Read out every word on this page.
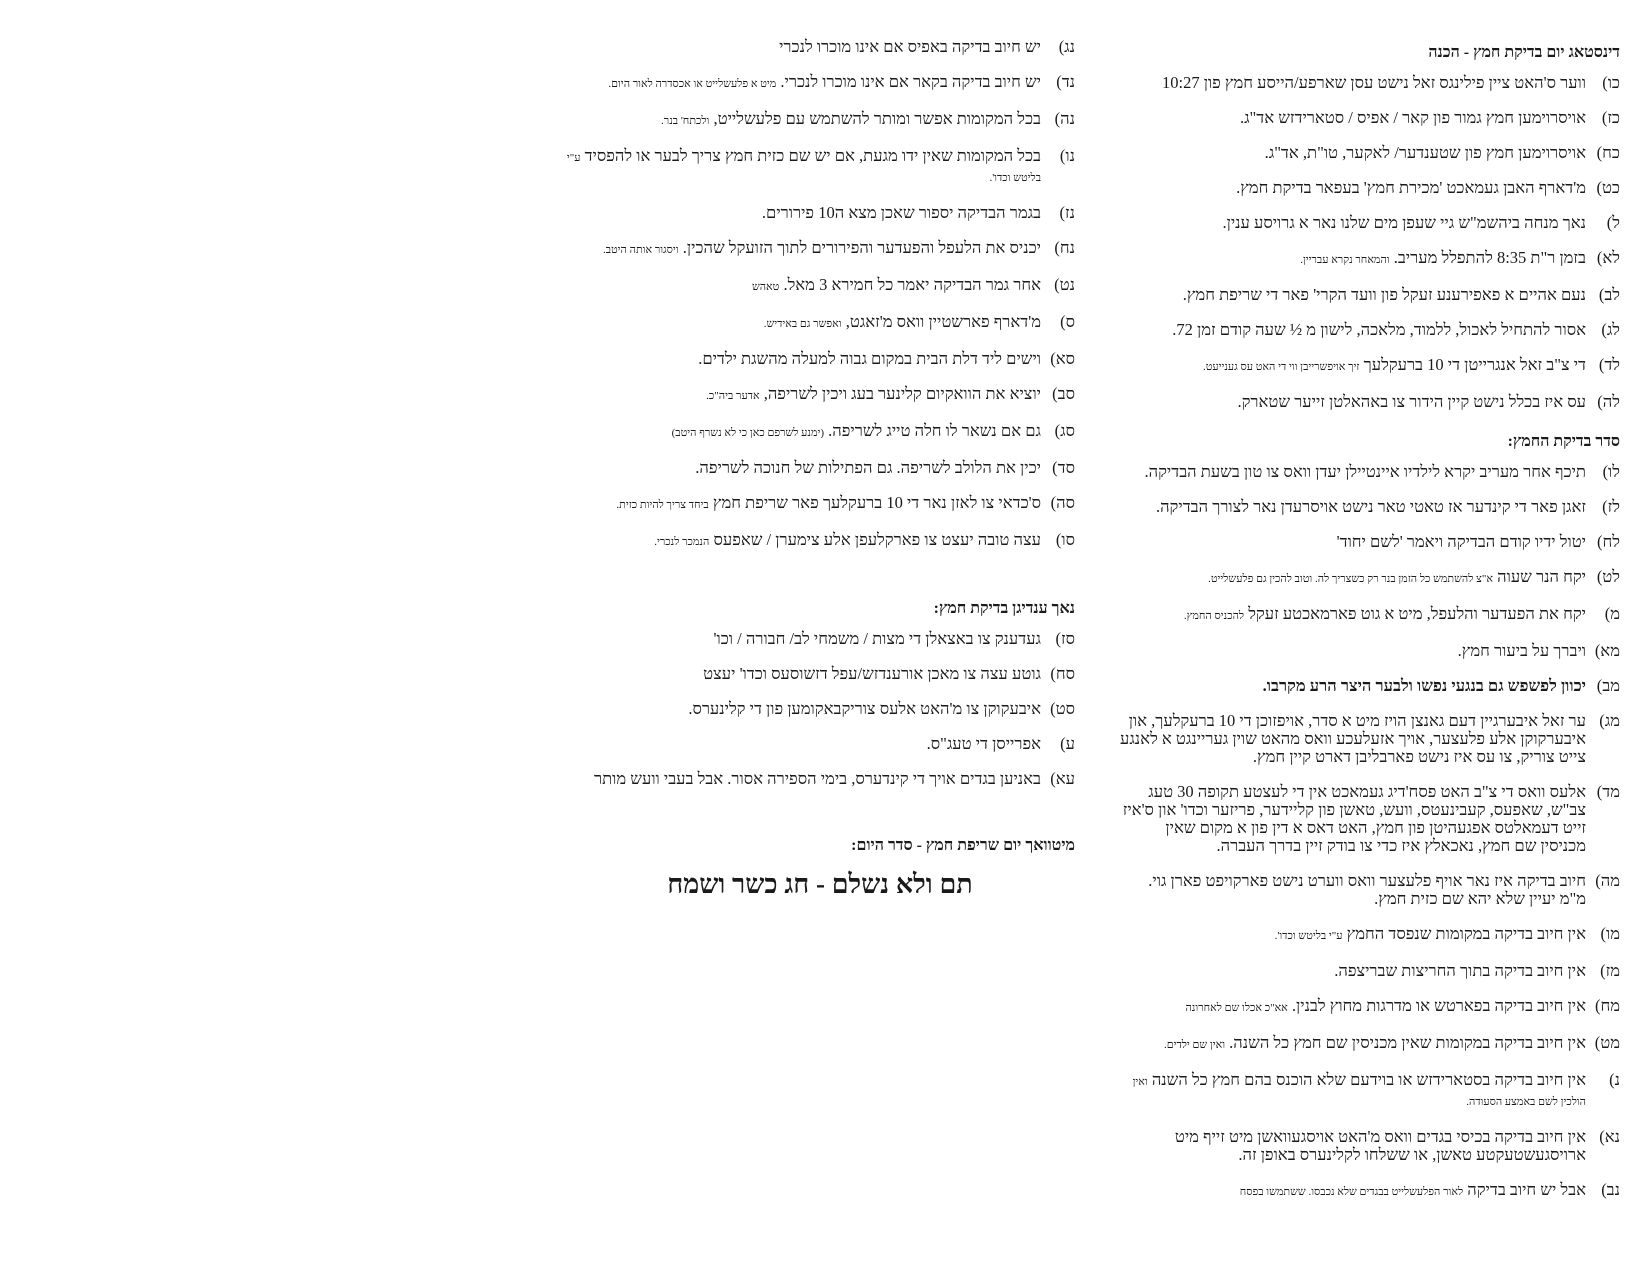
דינסטאג יום בדיקת חמץ - הכנה
כו)
ווער ס'האט ציין פילינגס זאל נישט עסן שארפע/הייסע חמץ פון 10:27
כז)
אויסרוימען חמץ גמור פון קאר / אפיס / סטארידזש אד"ג.
כח)
אויסרוימען חמץ פון שטענדער/ לאקער, טו"ת, אד"ג.
כט)
מ'דארף האבן געמאכט 'מכירת חמץ' בעפאר בדיקת חמץ.
ל)
נאך מנחה ביהשמ"ש גיי שעפן מים שלנו נאר א גרויסע ענין.
לא)
בזמן ר"ת 8:35 להתפלל מעריב. והמאחר נקרא עבריין.
לב)
נעם אהיים א פאפירענע זעקל פון וועד הקרי' פאר די שריפת חמץ.
לג)
אסור להתחיל לאכול, ללמוד, מלאכה, לישון מ ½ שעה קודם זמן 72.
לד)
די צ"ב זאל אנגרייטן די 10 ברעקלעך זיך אויפשרייבן ווי די האט עס גענייעט.
לה)
עס איז בכלל נישט קיין הידור צו באהאלטן זייער שטארק.
סדר בדיקת החמץ:
לו)
תיכף אחר מעריב יקרא לילדיו איינטיילן יעדן וואס צו טון בשעת הבדיקה.
לז)
זאגן פאר די קינדער אז טאטי טאר נישט אויסרעדן נאר לצורך הבדיקה.
לח)
יטול ידיו קודם הבדיקה ויאמר 'לשם יחוד'
לט)
יקח הנר שעוה א"צ להשתמש כל הזמן בנר רק כשצריך לה. וטוב להכין גם פלעשלייט.
מ)
יקח את הפעדער והלעפל, מיט א גוט פארמאכטע זעקל להכניס החמץ.
מא)
ויברך על ביעור חמץ.
מב)
יכוון לפשפש גם בנגעי נפשו ולבער היצר הרע מקרבו.
מג)
ער זאל איבערגיין דעם גאנצן הויז מיט א סדר, אויפזוכן די 10 ברעקלעך, און איבערקוקן אלע פלעצער, אויך אזעלעכע וואס מהאט שוין געריינגט א לאנגע צייט צוריק, צו עס איז נישט פארבליבן דארט קיין חמץ.
מד)
אלעס וואס די צ"ב האט פסח'דיג געמאכט אין די לעצטע תקופה 30 טעג צב"ש, שאפעס, קעבינעטס, וועש, טאשן פון קליידער, פריזער וכדו' און ס'איז זייט דעמאלטס אפגעהיטן פון חמץ, האט דאס א דין פון א מקום שאין מכניסין שם חמץ, נאכאלץ איז כדי צו בודק זיין בדרך העברה.
מה)
חיוב בדיקה איז נאר אויף פלעצער וואס ווערט נישט פארקויפט פארן גוי. מ"מ יעיין שלא יהא שם כזית חמץ.
מו)
אין חיוב בדיקה במקומות שנפסד החמץ ע"י בליטש וכדו'.
מז)
אין חיוב בדיקה בתוך החריצות שבריצפה.
מח)
אין חיוב בדיקה בפארטש או מדרגות מחוץ לבנין. אא"כ אכלו שם לאחרונה
מט)
אין חיוב בדיקה במקומות שאין מכניסין שם חמץ כל השנה. ואין שם ילדים.
נ)
אין חיוב בדיקה בסטארידזש או בוידעם שלא הוכנס בהם חמץ כל השנה ואין הולכין לשם באמצע הסעודה.
נא)
אין חיוב בדיקה בכיסי בגדים וואס מ'האט אויסגעוואשן מיט זייף מיט ארויסגעשטעקטע טאשן, או ששלחו לקלינערס באופן זה.
נב)
אבל יש חיוב בדיקה לאור הפלעשלייט בבגדים שלא נכבסו. ששתמשו בפסח
נג)
יש חיוב בדיקה באפיס אם אינו מוכרו לנכרי
נד)
יש חיוב בדיקה בקאר אם אינו מוכרו לנכרי. מיט א פלעשלייט או אכסדרה לאור היום.
נה)
בכל המקומות אפשר ומותר להשתמש עם פלעשלייט, ולכתח' בנר.
נו)
בכל המקומות שאין ידו מגעת, אם יש שם כזית חמץ צריך לבער או להפסיד ע"י בליטש וכדו'.
נז)
בגמר הבדיקה יספור שאכן מצא ה10 פירורים.
נח)
יכניס את הלעפל והפעדער והפירורים לתוך הזועקל שהכין. ויסגור אותה היטב.
נט)
אחר גמר הבדיקה יאמר כל חמירא 3 מאל. טאהש
ס)
מ'דארף פארשטיין וואס מ'זאגט, ואפשר גם באידיש.
סא)
וישים ליד דלת הבית במקום גבוה למעלה מהשגת ילדים.
סב)
יוציא את הוואקיום קלינער בעג ויכין לשריפה, אדער ביה"כ.
סג)
גם אם נשאר לו חלה טייג לשריפה. (ימנע לשרפם כאן כי לא נשרף היטב)
סד)
יכין את הלולב לשריפה. גם הפתילות של חנוכה לשריפה.
סה)
ס'כדאי צו לאזן נאר די 10 ברעקלעך פאר שריפת חמץ ביחד צריך להיות כזית.
סו)
עצה טובה יעצט צו פארקלעפן אלע צימערן / שאפעס הנמכר לנכרי.
נאך ענדיגן בדיקת חמץ:
סז)
געדענק צו באצאלן די מצות / משמחי לב/ חבורה / וכו'
סח)
גוטע עצה צו מאכן אורענדזש/עפל דזשוסעס וכדו' יעצט
סט)
איבעקוקן צו מ'האט אלעס צוריקבאקומען פון די קלינערס.
ע)
אפרייסן די טעג"ס.
עא)
באניען בגדים אויך די קינדערס, בימי הספירה אסור. אבל בעבי וועש מותר
מיטוואך יום שריפת חמץ - סדר היום:
תם ולא נשלם - חג כשר ושמח
